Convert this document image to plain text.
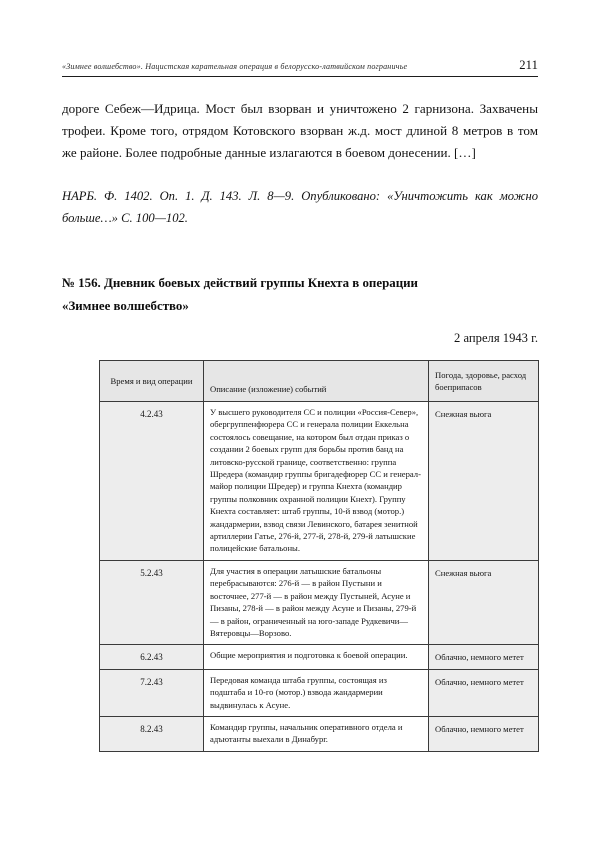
«Зимнее волшебство». Нацистская карательная операция в белорусско-латвийском пограничье	211
дороге Себеж—Идрица. Мост был взорван и уничтожено 2 гарнизона. Захвачены трофеи. Кроме того, отрядом Котовского взорван ж.д. мост длиной 8 метров в том же районе. Более подробные данные излагаются в боевом донесении. […]
НАРБ. Ф. 1402. Оп. 1. Д. 143. Л. 8—9. Опубликовано: «Уничтожить как можно больше…» С. 100—102.
№ 156. Дневник боевых действий группы Кнехта в операции
«Зимнее волшебство»
2 апреля 1943 г.
Время и вид операции	Описание (изложение) событий	Погода, здоровье, расход боеприпасов
4.2.43	У высшего руководителя СС и полиции «Россия-Север», обергруппенфюрера СС и генерала полиции Еккельна состоялось совещание, на котором был отдан приказ о создании 2 боевых групп для борьбы против банд на литовско-русской границе, соответственно: группа Шредера (командир группы бригадефюрер СС и генерал-майор полиции Шредер) и группа Кнехта (командир группы полковник охранной полиции Кнехт). Группу Кнехта составляет: штаб группы, 10-й взвод (мотор.) жандармерии, взвод связи Левинского, батарея зенитной артиллерии Гатье, 276-й, 277-й, 278-й, 279-й латышские полицейские батальоны.	Снежная вьюга
5.2.43	Для участия в операции латышские батальоны перебрасываются: 276-й — в район Пустыни и восточнее, 277-й — в район между Пустыней, Асуне и Пизаны, 278-й — в район между Асуне и Пизаны, 279-й — в район, ограниченный на юго-западе Рудкевичи—Вятеровцы—Ворзово.	Снежная вьюга
6.2.43	Общие мероприятия и подготовка к боевой операции.	Облачно, немного метет
7.2.43	Передовая команда штаба группы, состоящая из подштаба и 10-го (мотор.) взвода жандармерии выдвинулась к Асуне.	Облачно, немного метет
8.2.43	Командир группы, начальник оперативного отдела и адъютанты выехали в Динабург.	Облачно, немного метет
